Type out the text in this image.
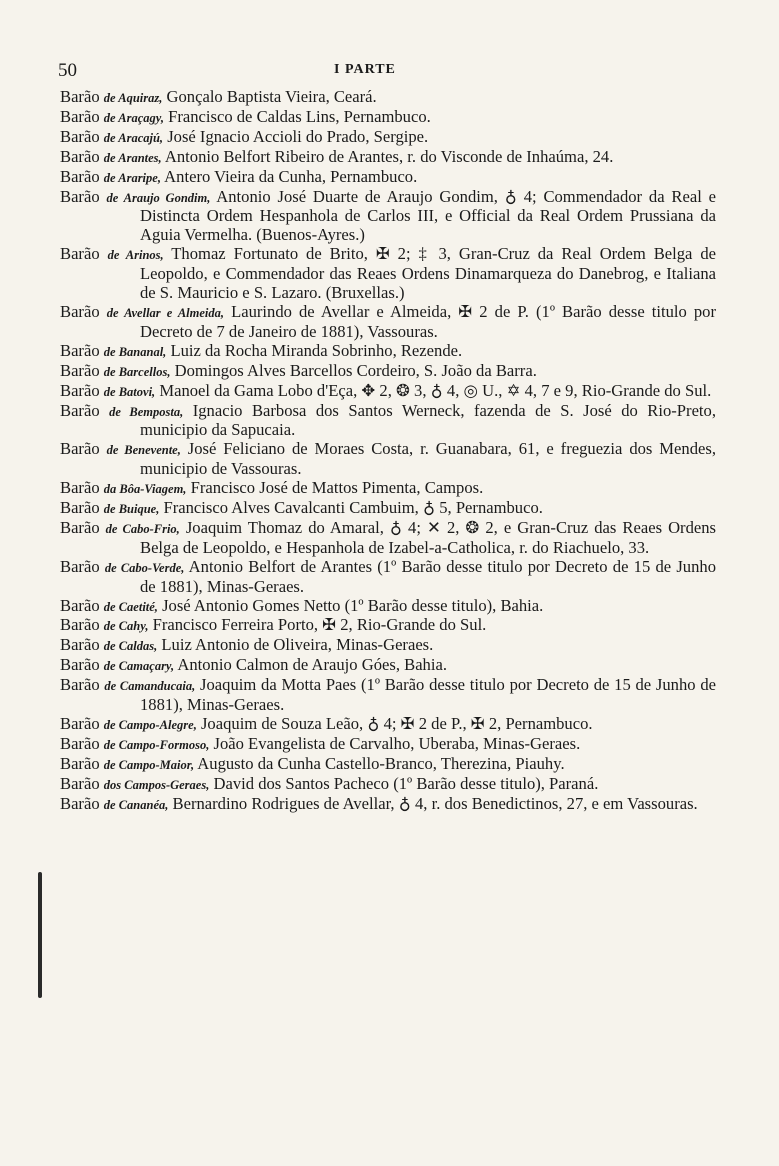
50	I PARTE

Barão de Aquiraz, Gonçalo Baptista Vieira, Ceará.

Barão de Araçagy, Francisco de Caldas Lins, Pernambuco.

Barão de Aracajú, José Ignacio Accioli do Prado, Sergipe.

Barão de Arantes, Antonio Belfort Ribeiro de Arantes, r. do Visconde de Inhaúma, 24.

Barão de Araripe, Antero Vieira da Cunha, Pernambuco.

Barão de Araujo Gondim, Antonio José Duarte de Araujo Gondim, ♁ 4; Commendador da Real e Distincta Ordem Hespanhola de Carlos III, e Official da Real Ordem Prussiana da Aguia Vermelha. (Buenos-Ayres.)

Barão de Arinos, Thomaz Fortunato de Brito, ✠ 2; ‡ 3, Gran-Cruz da Real Ordem Belga de Leopoldo, e Commendador das Reaes Ordens Dinamarqueza do Danebrog, e Italiana de S. Mauricio e S. Lazaro. (Bruxellas.)

Barão de Avellar e Almeida, Laurindo de Avellar e Almeida, ✠ 2 de P. (1º Barão desse titulo por Decreto de 7 de Janeiro de 1881), Vassouras.

Barão de Bananal, Luiz da Rocha Miranda Sobrinho, Rezende.

Barão de Barcellos, Domingos Alves Barcellos Cordeiro, S. João da Barra.

Barão de Batovi, Manoel da Gama Lobo d'Eça, ✥ 2, ❂ 3, ♁ 4, ◎ U., ✡ 4, 7 e 9, Rio-Grande do Sul.

Barão de Bemposta, Ignacio Barbosa dos Santos Werneck, fazenda de S. José do Rio-Preto, municipio da Sapucaia.

Barão de Benevente, José Feliciano de Moraes Costa, r. Guanabara, 61, e freguezia dos Mendes, municipio de Vassouras.

Barão da Bôa-Viagem, Francisco José de Mattos Pimenta, Campos.

Barão de Buique, Francisco Alves Cavalcanti Cambuim, ♁ 5, Pernambuco.

Barão de Cabo-Frio, Joaquim Thomaz do Amaral, ♁ 4; ✕ 2, ❂ 2, e Gran-Cruz das Reaes Ordens Belga de Leopoldo, e Hespanhola de Izabel-a-Catholica, r. do Riachuelo, 33.

Barão de Cabo-Verde, Antonio Belfort de Arantes (1º Barão desse titulo por Decreto de 15 de Junho de 1881), Minas-Geraes.

Barão de Caetité, José Antonio Gomes Netto (1º Barão desse titulo), Bahia.

Barão de Cahy, Francisco Ferreira Porto, ✠ 2, Rio-Grande do Sul.

Barão de Caldas, Luiz Antonio de Oliveira, Minas-Geraes.

Barão de Camaçary, Antonio Calmon de Araujo Góes, Bahia.

Barão de Camanducaia, Joaquim da Motta Paes (1º Barão desse titulo por Decreto de 15 de Junho de 1881), Minas-Geraes.

Barão de Campo-Alegre, Joaquim de Souza Leão, ♁ 4; ✠ 2 de P., ✠ 2, Pernambuco.

Barão de Campo-Formoso, João Evangelista de Carvalho, Uberaba, Minas-Geraes.

Barão de Campo-Maior, Augusto da Cunha Castello-Branco, Therezina, Piauhy.

Barão dos Campos-Geraes, David dos Santos Pacheco (1º Barão desse titulo), Paraná.

Barão de Cananéa, Bernardino Rodrigues de Avellar, ♁ 4, r. dos Benedictinos, 27, e em Vassouras.
